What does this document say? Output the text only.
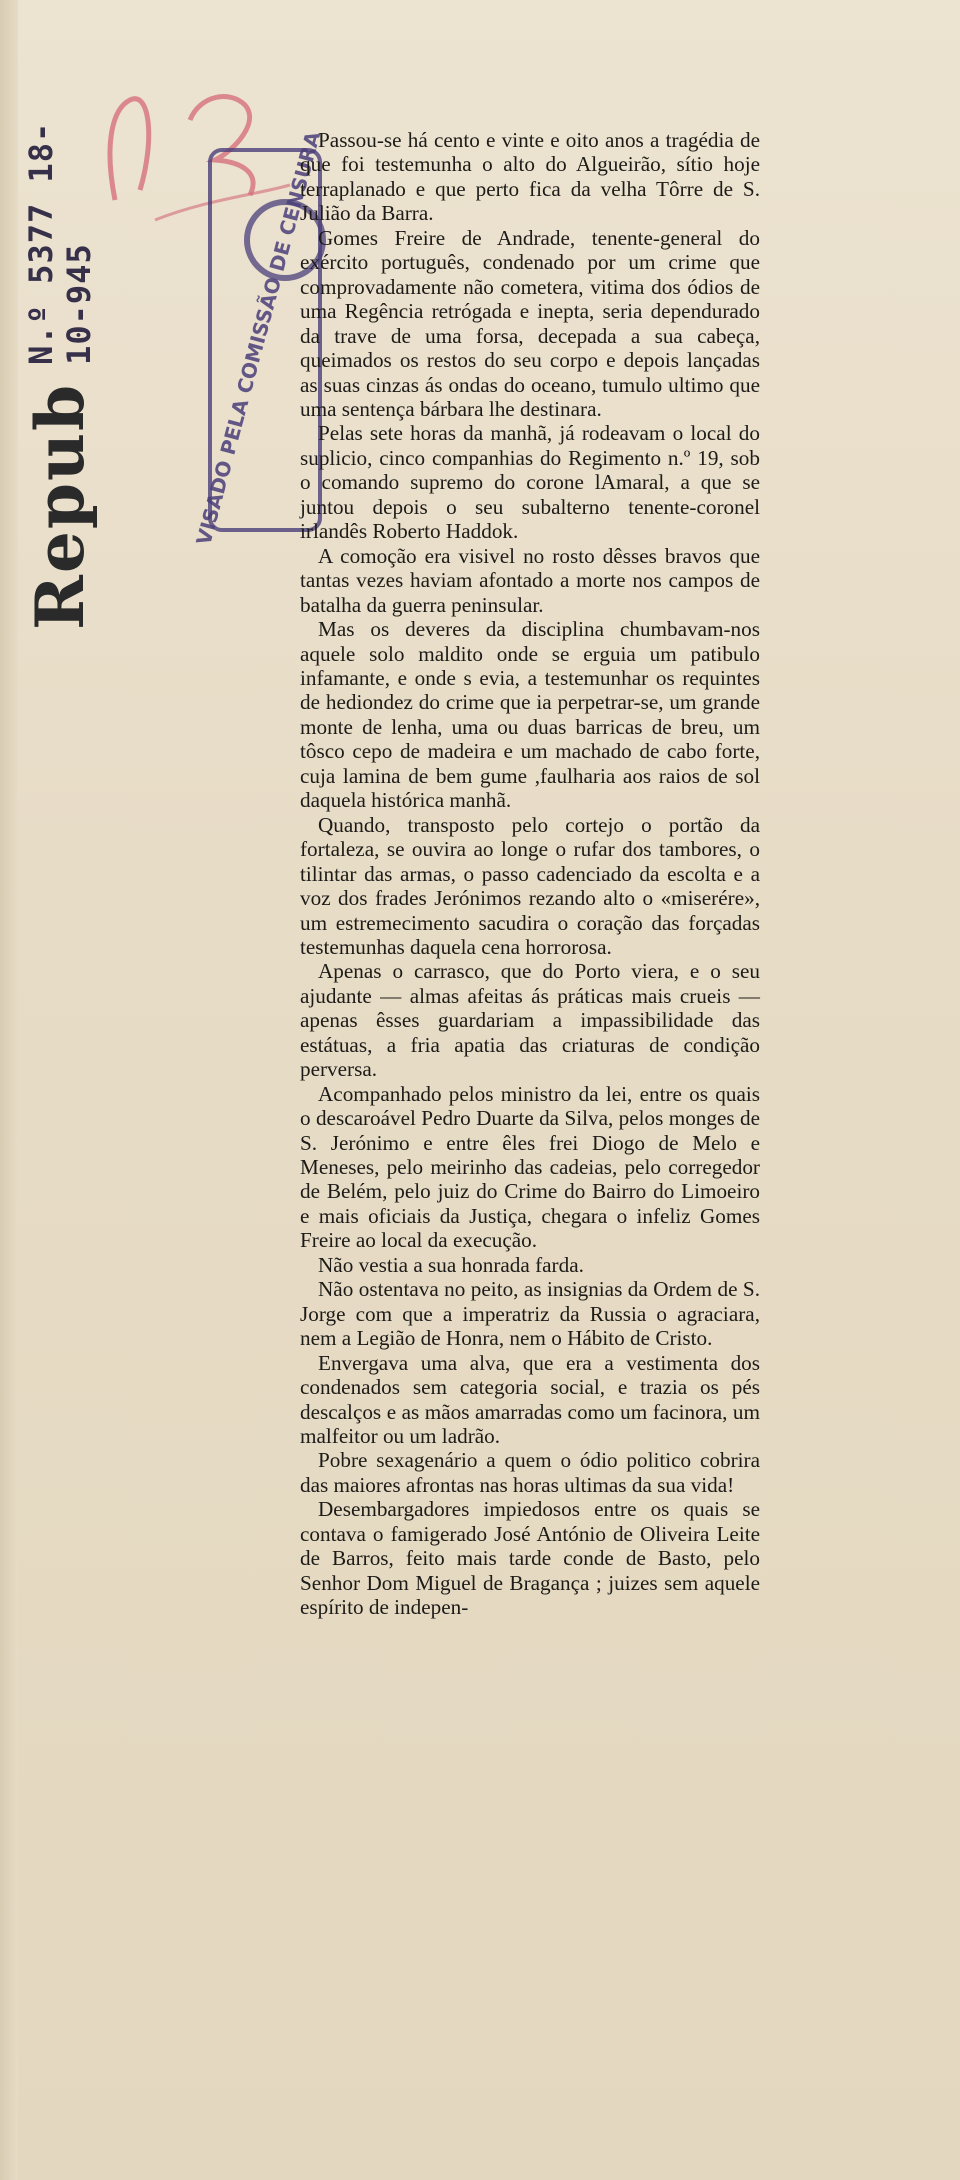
Repub
N.º 5377 18-10-945	VISADO PELA COMISSÃO DE CENSURA

Passou-se há cento e vinte e oito anos a tragédia de que foi testemunha o alto do Algueirão, sítio hoje terraplanado e que perto fica da velha Tôrre de S. Julião da Barra.

Gomes Freire de Andrade, tenente-general do exército português, condenado por um crime que comprovadamente não cometera, vitima dos ódios de uma Regência retrógada e inepta, seria dependurado da trave de uma forsa, decepada a sua cabeça, queimados os restos do seu corpo e depois lançadas as suas cinzas ás ondas do oceano, tumulo ultimo que uma sentença bárbara lhe destinara.

Pelas sete horas da manhã, já rodeavam o local do suplicio, cinco companhias do Regimento n.º 19, sob o comando supremo do corone lAmaral, a que se juntou depois o seu subalterno tenente-coronel irlandês Roberto Haddok.

A comoção era visivel no rosto dêsses bravos que tantas vezes haviam afontado a morte nos campos de batalha da guerra peninsular.

Mas os deveres da disciplina chumbavam-nos aquele solo maldito onde se erguia um patibulo infamante, e onde s evia, a testemunhar os requintes de hediondez do crime que ia perpetrar-se, um grande monte de lenha, uma ou duas barricas de breu, um tôsco cepo de madeira e um machado de cabo forte, cuja lamina de bem gume ,faulharia aos raios de sol daquela histórica manhã.

Quando, transposto pelo cortejo o portão da fortaleza, se ouvira ao longe o rufar dos tambores, o tilintar das armas, o passo cadenciado da escolta e a voz dos frades Jerónimos rezando alto o «miserére», um estremecimento sacudira o coração das forçadas testemunhas daquela cena horrorosa.

Apenas o carrasco, que do Porto viera, e o seu ajudante — almas afeitas ás práticas mais crueis — apenas êsses guardariam a impassibilidade das estátuas, a fria apatia das criaturas de condição perversa.

Acompanhado pelos ministro da lei, entre os quais o descaroável Pedro Duarte da Silva, pelos monges de S. Jerónimo e entre êles frei Diogo de Melo e Meneses, pelo meirinho das cadeias, pelo corregedor de Belém, pelo juiz do Crime do Bairro do Limoeiro e mais oficiais da Justiça, chegara o infeliz Gomes Freire ao local da execução.

Não vestia a sua honrada farda.

Não ostentava no peito, as insignias da Ordem de S. Jorge com que a imperatriz da Russia o agraciara, nem a Legião de Honra, nem o Hábito de Cristo.

Envergava uma alva, que era a vestimenta dos condenados sem categoria social, e trazia os pés descalços e as mãos amarradas como um facinora, um malfeitor ou um ladrão.

Pobre sexagenário a quem o ódio politico cobrira das maiores afrontas nas horas ultimas da sua vida!

Desembargadores impiedosos entre os quais se contava o famigerado José António de Oliveira Leite de Barros, feito mais tarde conde de Basto, pelo Senhor Dom Miguel de Bragança ; juizes sem aquele espírito de indepen-
